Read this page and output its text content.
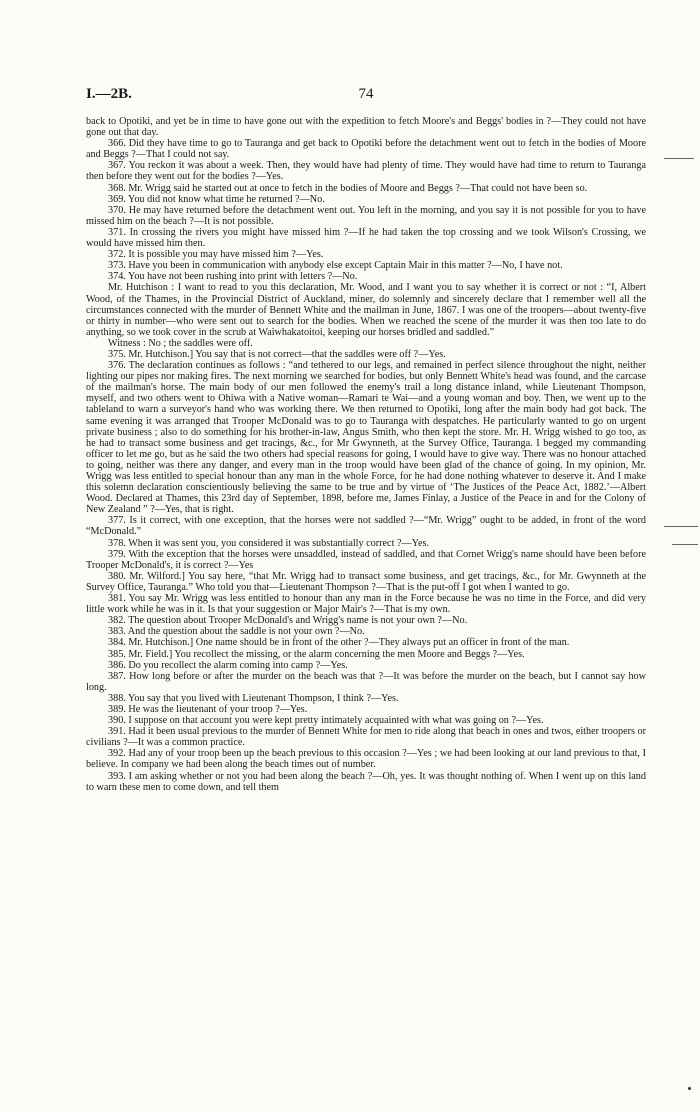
I.—2B.	74

back to Opotiki, and yet be in time to have gone out with the expedition to fetch Moore's and Beggs' bodies in ?—They could not have gone out that day.

366. Did they have time to go to Tauranga and get back to Opotiki before the detachment went out to fetch in the bodies of Moore and Beggs ?—That I could not say.

367. You reckon it was about a week. Then, they would have had plenty of time. They would have had time to return to Tauranga then before they went out for the bodies ?—Yes.

368. Mr. Wrigg said he started out at once to fetch in the bodies of Moore and Beggs ?—That could not have been so.

369. You did not know what time he returned ?—No.

370. He may have returned before the detachment went out. You left in the morning, and you say it is not possible for you to have missed him on the beach ?—It is not possible.

371. In crossing the rivers you might have missed him ?—If he had taken the top crossing and we took Wilson's Crossing, we would have missed him then.

372. It is possible you may have missed him ?—Yes.

373. Have you been in communication with anybody else except Captain Mair in this matter ?—No, I have not.

374. You have not been rushing into print with letters ?—No.

Mr. Hutchison : I want to read to you this declaration, Mr. Wood, and I want you to say whether it is correct or not : “I, Albert Wood, of the Thames, in the Provincial District of Auckland, miner, do solemnly and sincerely declare that I remember well all the circumstances connected with the murder of Bennett White and the mailman in June, 1867. I was one of the troopers—about twenty-five or thirty in number—who were sent out to search for the bodies. When we reached the scene of the murder it was then too late to do anything, so we took cover in the scrub at Waiwhakatoitoi, keeping our horses bridled and saddled.”

Witness : No ; the saddles were off.

375. Mr. Hutchison.] You say that is not correct—that the saddles were off ?—Yes.

376. The declaration continues as follows : “and tethered to our legs, and remained in perfect silence throughout the night, neither lighting our pipes nor making fires. The next morning we searched for bodies, but only Bennett White's head was found, and the carcase of the mailman's horse. The main body of our men followed the enemy's trail a long distance inland, while Lieutenant Thompson, myself, and two others went to Ohiwa with a Native woman—Ramari te Wai—and a young woman and boy. Then, we went up to the tableland to warn a surveyor's hand who was working there. We then returned to Opotiki, long after the main body had got back. The same evening it was arranged that Trooper McDonald was to go to Tauranga with despatches. He particularly wanted to go on urgent private business ; also to do something for his brother-in-law, Angus Smith, who then kept the store. Mr. H. Wrigg wished to go too, as he had to transact some business and get tracings, &c., for Mr Gwynneth, at the Survey Office, Tauranga. I begged my commanding officer to let me go, but as he said the two others had special reasons for going, I would have to give way. There was no honour attached to going, neither was there any danger, and every man in the troop would have been glad of the chance of going. In my opinion, Mr. Wrigg was less entitled to special honour than any man in the whole Force, for he had done nothing whatever to deserve it. And I make this solemn declaration conscientiously believing the same to be true and by virtue of ‘The Justices of the Peace Act, 1882.’—Albert Wood. Declared at Thames, this 23rd day of September, 1898, before me, James Finlay, a Justice of the Peace in and for the Colony of New Zealand ” ?—Yes, that is right.

377. Is it correct, with one exception, that the horses were not saddled ?—“Mr. Wrigg” ought to be added, in front of the word “McDonald.”

378. When it was sent you, you considered it was substantially correct ?—Yes.

379. With the exception that the horses were unsaddled, instead of saddled, and that Cornet Wrigg's name should have been before Trooper McDonald's, it is correct ?—Yes

380. Mr. Wilford.] You say here, “that Mr. Wrigg had to transact some business, and get tracings, &c., for Mr. Gwynneth at the Survey Office, Tauranga.” Who told you that—Lieutenant Thompson ?—That is the put-off I got when I wanted to go.

381. You say Mr. Wrigg was less entitled to honour than any man in the Force because he was no time in the Force, and did very little work while he was in it. Is that your suggestion or Major Mair's ?—That is my own.

382. The question about Trooper McDonald's and Wrigg's name is not your own ?—No.

383. And the question about the saddle is not your own ?—No.

384. Mr. Hutchison.] One name should be in front of the other ?—They always put an officer in front of the man.

385. Mr. Field.] You recollect the missing, or the alarm concerning the men Moore and Beggs ?—Yes.

386. Do you recollect the alarm coming into camp ?—Yes.

387. How long before or after the murder on the beach was that ?—It was before the murder on the beach, but I cannot say how long.

388. You say that you lived with Lieutenant Thompson, I think ?—Yes.

389. He was the lieutenant of your troop ?—Yes.

390. I suppose on that account you were kept pretty intimately acquainted with what was going on ?—Yes.

391. Had it been usual previous to the murder of Bennett White for men to ride along that beach in ones and twos, either troopers or civilians ?—It was a common practice.

392. Had any of your troop been up the beach previous to this occasion ?—Yes ; we had been looking at our land previous to that, I believe. In company we had been along the beach times out of number.

393. I am asking whether or not you had been along the beach ?—Oh, yes. It was thought nothing of. When I went up on this land to warn these men to come down, and tell them
